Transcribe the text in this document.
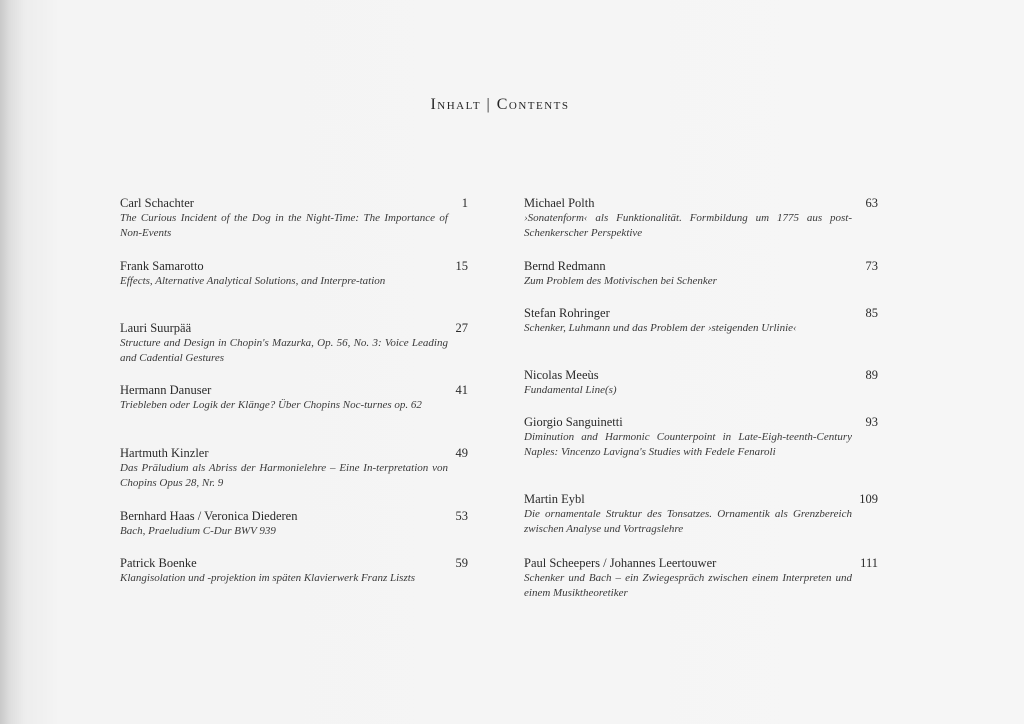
Inhalt | Contents
Carl Schachter
The Curious Incident of the Dog in the Night-Time: The Importance of Non-Events
1
Frank Samarotto
Effects, Alternative Analytical Solutions, and Interpre-tation
15
Lauri Suurpää
Structure and Design in Chopin's Mazurka, Op. 56, No. 3: Voice Leading and Cadential Gestures
27
Hermann Danuser
Triebleben oder Logik der Klänge? Über Chopins Noc-turnes op. 62
41
Hartmuth Kinzler
Das Präludium als Abriss der Harmonielehre – Eine In-terpretation von Chopins Opus 28, Nr. 9
49
Bernhard Haas / Veronica Diederen
Bach, Praeludium C-Dur BWV 939
53
Patrick Boenke
Klangisolation und -projektion im späten Klavierwerk Franz Liszts
59
Michael Polth
›Sonatenform‹ als Funktionalität. Formbildung um 1775 aus post-Schenkerscher Perspektive
63
Bernd Redmann
Zum Problem des Motivischen bei Schenker
73
Stefan Rohringer
Schenker, Luhmann und das Problem der ›steigenden Urlinie‹
85
Nicolas Meeùs
Fundamental Line(s)
89
Giorgio Sanguinetti
Diminution and Harmonic Counterpoint in Late-Eigh-teenth-Century Naples: Vincenzo Lavigna's Studies with Fedele Fenaroli
93
Martin Eybl
Die ornamentale Struktur des Tonsatzes. Ornamentik als Grenzbereich zwischen Analyse und Vortragslehre
109
Paul Scheepers / Johannes Leertouwer
Schenker und Bach – ein Zwiegespräch zwischen einem Interpreten und einem Musiktheoretiker
111
